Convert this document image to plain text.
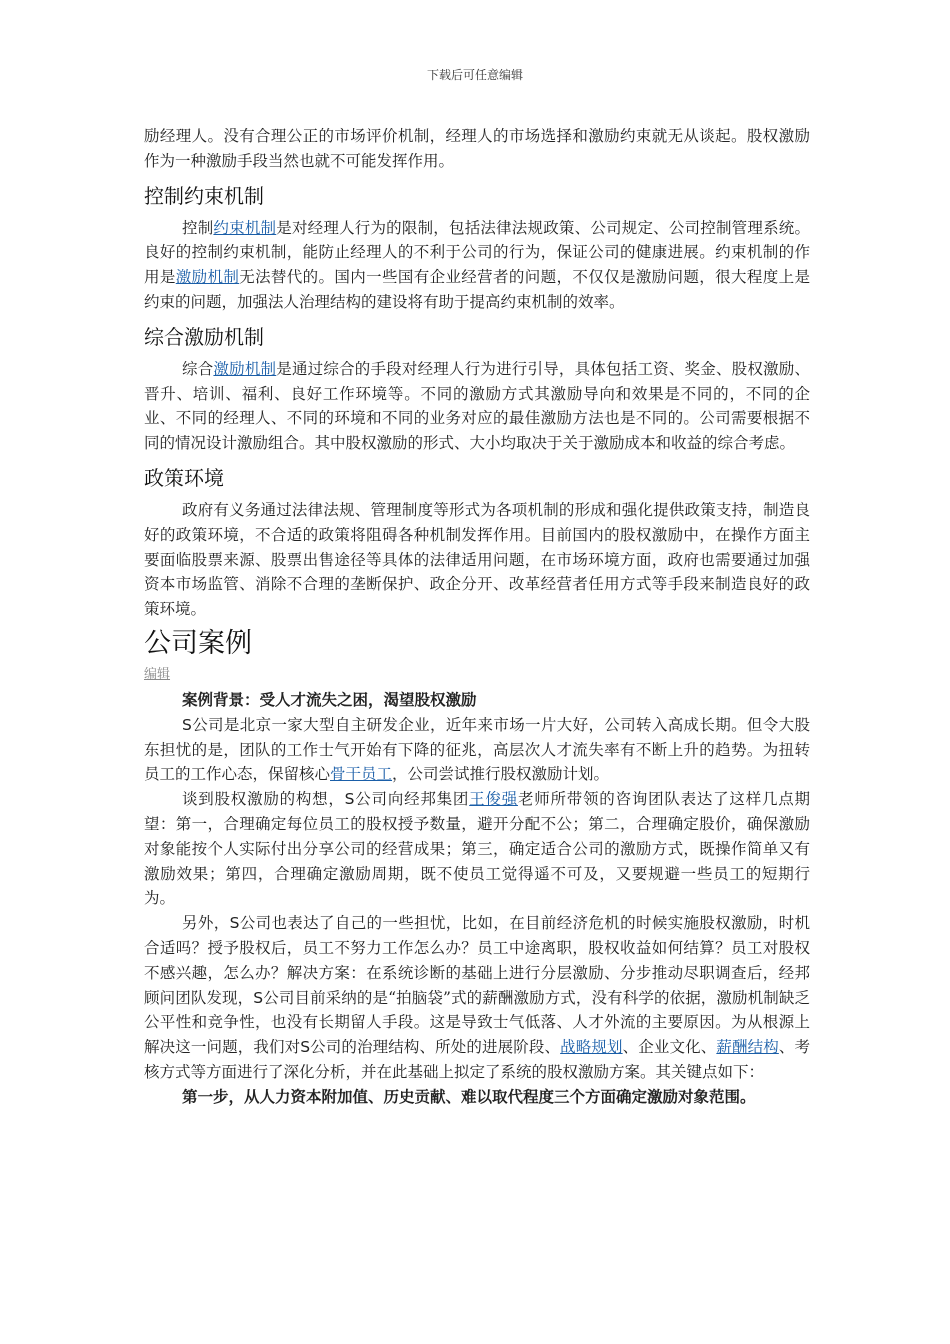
下载后可任意编辑

励经理人。没有合理公正的市场评价机制，经理人的市场选择和激励约束就无从谈起。股权激励作为一种激励手段当然也就不可能发挥作用。

控制约束机制

控制约束机制是对经理人行为的限制，包括法律法规政策、公司规定、公司控制管理系统。良好的控制约束机制，能防止经理人的不利于公司的行为，保证公司的健康进展。约束机制的作用是激励机制无法替代的。国内一些国有企业经营者的问题，不仅仅是激励问题，很大程度上是约束的问题，加强法人治理结构的建设将有助于提高约束机制的效率。

综合激励机制

综合激励机制是通过综合的手段对经理人行为进行引导，具体包括工资、奖金、股权激励、晋升、培训、福利、良好工作环境等。不同的激励方式其激励导向和效果是不同的，不同的企业、不同的经理人、不同的环境和不同的业务对应的最佳激励方法也是不同的。公司需要根据不同的情况设计激励组合。其中股权激励的形式、大小均取决于关于激励成本和收益的综合考虑。

政策环境

政府有义务通过法律法规、管理制度等形式为各项机制的形成和强化提供政策支持，制造良好的政策环境，不合适的政策将阻碍各种机制发挥作用。目前国内的股权激励中，在操作方面主要面临股票来源、股票出售途径等具体的法律适用问题，在市场环境方面，政府也需要通过加强资本市场监管、消除不合理的垄断保护、政企分开、改革经营者任用方式等手段来制造良好的政策环境。

公司案例
编辑

案例背景：受人才流失之困，渴望股权激励

S公司是北京一家大型自主研发企业，近年来市场一片大好，公司转入高成长期。但令大股东担忧的是，团队的工作士气开始有下降的征兆，高层次人才流失率有不断上升的趋势。为扭转员工的工作心态，保留核心骨干员工，公司尝试推行股权激励计划。

谈到股权激励的构想，S公司向经邦集团王俊强老师所带领的咨询团队表达了这样几点期望：第一，合理确定每位员工的股权授予数量，避开分配不公；第二，合理确定股价，确保激励对象能按个人实际付出分享公司的经营成果；第三，确定适合公司的激励方式，既操作简单又有激励效果；第四，合理确定激励周期，既不使员工觉得遥不可及，又要规避一些员工的短期行为。

另外，S公司也表达了自己的一些担忧，比如，在目前经济危机的时候实施股权激励，时机合适吗？授予股权后，员工不努力工作怎么办？员工中途离职，股权收益如何结算？员工对股权不感兴趣，怎么办？解决方案：在系统诊断的基础上进行分层激励、分步推动尽职调查后，经邦顾问团队发现，S公司目前采纳的是“拍脑袋”式的薪酬激励方式，没有科学的依据，激励机制缺乏公平性和竞争性，也没有长期留人手段。这是导致士气低落、人才外流的主要原因。为从根源上解决这一问题，我们对S公司的治理结构、所处的进展阶段、战略规划、企业文化、薪酬结构、考核方式等方面进行了深化分析，并在此基础上拟定了系统的股权激励方案。其关键点如下：

第一步，从人力资本附加值、历史贡献、难以取代程度三个方面确定激励对象范围。
